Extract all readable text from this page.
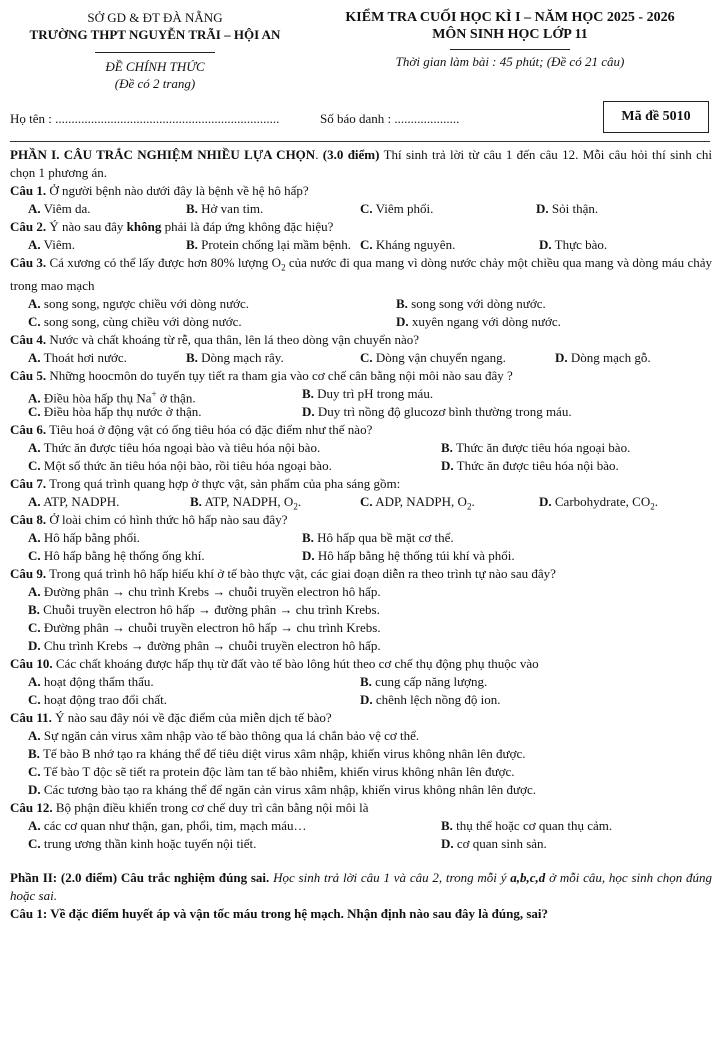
SỞ GD & ĐT ĐÀ NẴNG
TRƯỜNG THPT NGUYỄN TRÃI – HỘI AN
ĐỀ CHÍNH THỨC
(Đề có 2 trang)
KIỂM TRA CUỐI HỌC KÌ I – NĂM HỌC 2025 - 2026
MÔN SINH HỌC LỚP 11
Thời gian làm bài : 45 phút; (Đề có 21 câu)
Họ tên : .....................................................................	Số báo danh : ....................	Mã đề 5010

PHẦN I. CÂU TRẮC NGHIỆM NHIỀU LỰA CHỌN. (3.0 điểm) Thí sinh trả lời từ câu 1 đến câu 12. Mỗi câu hỏi thí sinh chỉ chọn 1 phương án.

Câu 1. Ở người bệnh nào dưới đây là bệnh về hệ hô hấp?

A. Viêm da.	B. Hở van tim.	C. Viêm phổi.	D. Sỏi thận.

Câu 2. Ý nào sau đây không phải là đáp ứng không đặc hiệu?

A. Viêm.	B. Protein chống lại mầm bệnh. C. Kháng nguyên.	D. Thực bào.

Câu 3. Cá xương có thể lấy được hơn 80% lượng $O_2$ của nước đi qua mang vì dòng nước chảy một chiều qua mang và dòng máu chảy trong mao mạch

A. song song, ngược chiều với dòng nước.	B. song song với dòng nước.
C. song song, cùng chiều với dòng nước.	D. xuyên ngang với dòng nước.

Câu 4. Nước và chất khoáng từ rễ, qua thân, lên lá theo dòng vận chuyển nào?

A. Thoát hơi nước.	B. Dòng mạch rây.	C. Dòng vận chuyển ngang.	D. Dòng mạch gỗ.

Câu 5. Những hoocmôn do tuyến tụy tiết ra tham gia vào cơ chế cân bằng nội môi nào sau đây ?

A. Điều hòa hấp thụ Na+ ở thận.	B. Duy trì pH trong máu.
C. Điều hòa hấp thụ nước ở thận.	D. Duy trì nồng độ glucozơ bình thường trong máu.

Câu 6. Tiêu hoá ở động vật có ống tiêu hóa có đặc điểm như thế nào?

A. Thức ăn được tiêu hóa ngoại bào và tiêu hóa nội bào.	B. Thức ăn được tiêu hóa ngoại bào.
C. Một số thức ăn tiêu hóa nội bào, rồi tiêu hóa ngoại bào.	D. Thức ăn được tiêu hóa nội bào.

Câu 7. Trong quá trình quang hợp ở thực vật, sản phẩm của pha sáng gồm:

A. ATP, NADPH.	B. ATP, NADPH, $O_2$.	C. ADP, NADPH, $O_2$.	D. Carbohydrate, $CO_2$.

Câu 8. Ở loài chim có hình thức hô hấp nào sau đây?

A. Hô hấp bằng phổi.	B. Hô hấp qua bề mặt cơ thể.
C. Hô hấp bằng hệ thống ống khí.	D. Hô hấp bằng hệ thống túi khí và phổi.

Câu 9. Trong quá trình hô hấp hiếu khí ở tế bào thực vật, các giai đoạn diễn ra theo trình tự nào sau đây?

A. Đường phân → chu trình Krebs → chuỗi truyền electron hô hấp.

B. Chuỗi truyền electron hô hấp → đường phân → chu trình Krebs.

C. Đường phân → chuỗi truyền electron hô hấp → chu trình Krebs.

D. Chu trình Krebs → đường phân → chuỗi truyền electron hô hấp.

Câu 10. Các chất khoáng được hấp thụ từ đất vào tế bào lông hút theo cơ chế thụ động phụ thuộc vào

A. hoạt động thẩm thấu.	B. cung cấp năng lượng.
C. hoạt động trao đổi chất.	D. chênh lệch nồng độ ion.

Câu 11. Ý nào sau đây nói về đặc điểm của miễn dịch tế bào?

A. Sự ngăn cản virus xâm nhập vào tế bào thông qua lá chắn bảo vệ cơ thể.

B. Tế bào B nhớ tạo ra kháng thể để tiêu diệt virus xâm nhập, khiến virus không nhân lên được.

C. Tế bào T độc sẽ tiết ra protein độc làm tan tế bào nhiễm, khiến virus không nhân lên được.

D. Các tương bào tạo ra kháng thể để ngăn cản virus xâm nhập, khiến virus không nhân lên được.

Câu 12. Bộ phận điều khiển trong cơ chế duy trì cân bằng nội môi là

A. các cơ quan như thận, gan, phổi, tim, mạch máu…	B. thụ thể hoặc cơ quan thụ cảm.
C. trung ương thần kinh hoặc tuyến nội tiết.	D. cơ quan sinh sản.

Phần II: (2.0 điểm) Câu trắc nghiệm đúng sai. Học sinh trả lời câu 1 và câu 2, trong mỗi ý a,b,c,d ở mỗi câu, học sinh chọn đúng hoặc sai.

Câu 1: Về đặc điểm huyết áp và vận tốc máu trong hệ mạch. Nhận định nào sau đây là đúng, sai?
